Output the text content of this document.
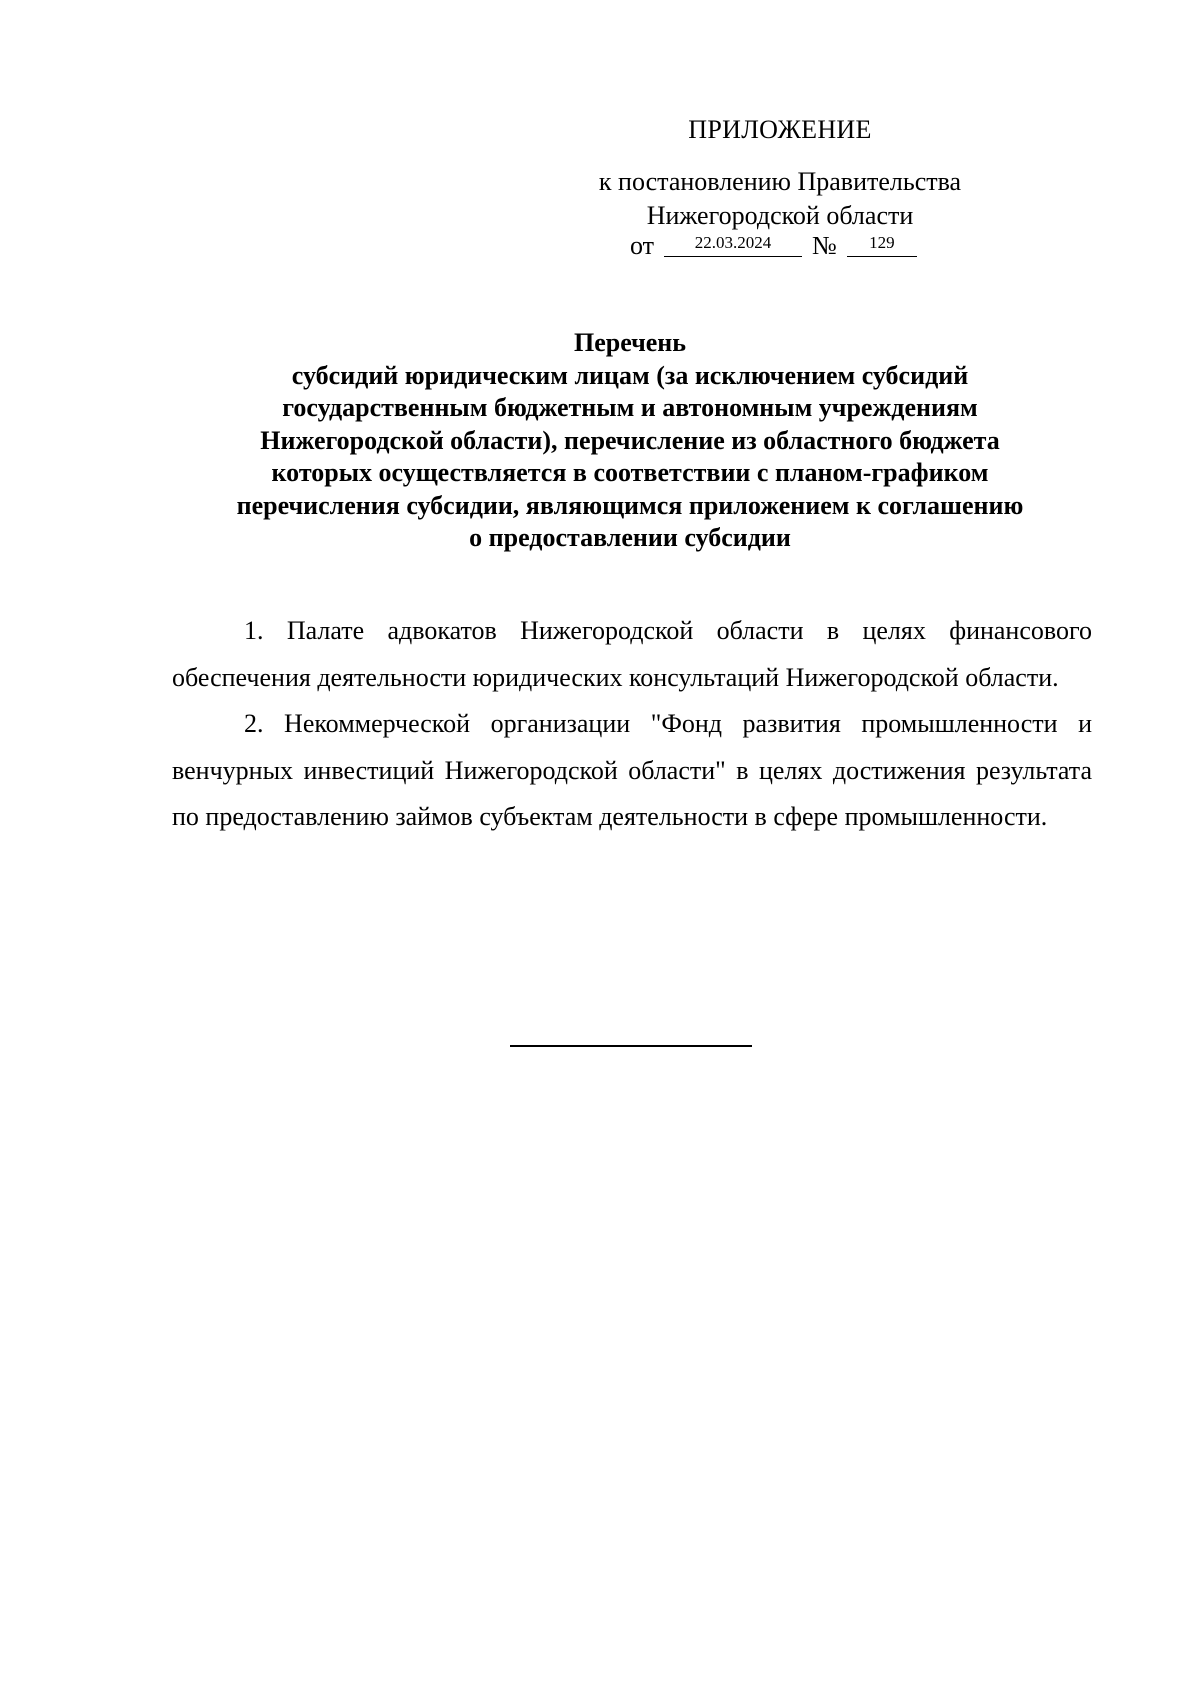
ПРИЛОЖЕНИЕ
к постановлению Правительства
Нижегородской области
от	22.03.2024	№	129
Перечень
субсидий юридическим лицам (за исключением субсидий
государственным бюджетным и автономным учреждениям
Нижегородской области), перечисление из областного бюджета
которых осуществляется в соответствии с планом-графиком
перечисления субсидии, являющимся приложением к соглашению
о предоставлении субсидии

1. Палате адвокатов Нижегородской области в целях финансового обеспечения деятельности юридических консультаций Нижегородской области.

2. Некоммерческой организации "Фонд развития промышленности и венчурных инвестиций Нижегородской области" в целях достижения результата по предоставлению займов субъектам деятельности в сфере промышленности.
